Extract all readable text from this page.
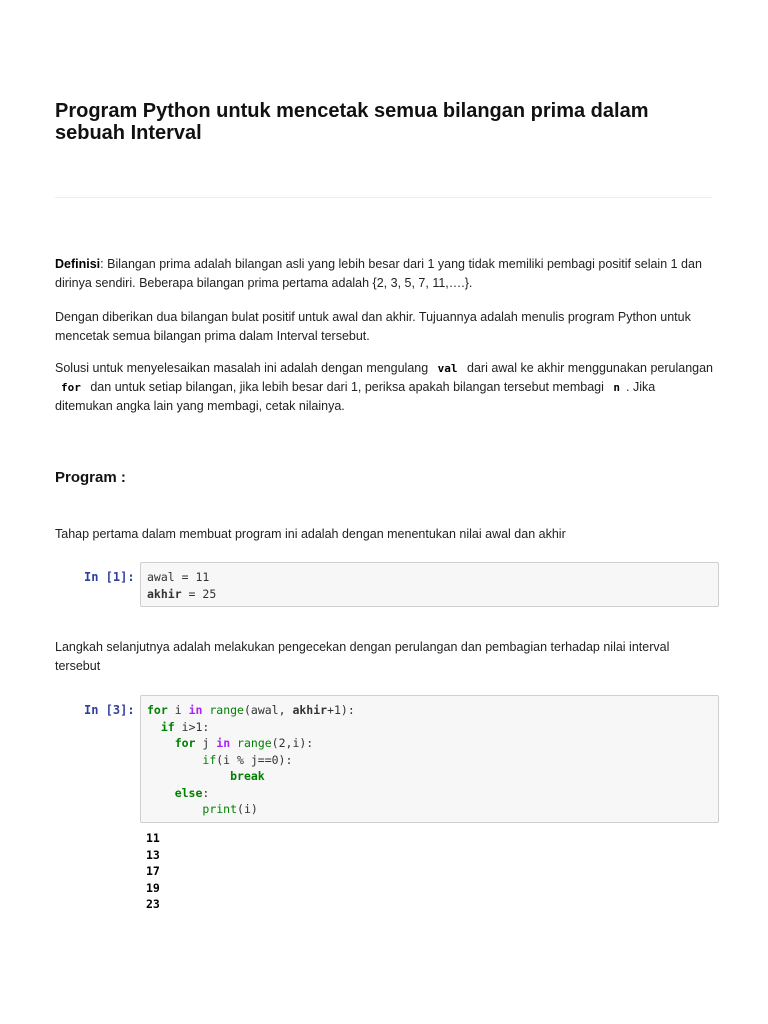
Program Python untuk mencetak semua bilangan prima dalam sebuah Interval

Definisi: Bilangan prima adalah bilangan asli yang lebih besar dari 1 yang tidak memiliki pembagi positif selain 1 dan dirinya sendiri. Beberapa bilangan prima pertama adalah {2, 3, 5, 7, 11,….}.

Dengan diberikan dua bilangan bulat positif untuk awal dan akhir. Tujuannya adalah menulis program Python untuk mencetak semua bilangan prima dalam Interval tersebut.

Solusi untuk menyelesaikan masalah ini adalah dengan mengulang val dari awal ke akhir menggunakan perulangan for dan untuk setiap bilangan, jika lebih besar dari 1, periksa apakah bilangan tersebut membagi n . Jika ditemukan angka lain yang membagi, cetak nilainya.

Program :

Tahap pertama dalam membuat program ini adalah dengan menentukan nilai awal dan akhir

In [1]: awal = 11
akhir = 25

Langkah selanjutnya adalah melakukan pengecekan dengan perulangan dan pembagian terhadap nilai interval tersebut

In [3]: for i in range(awal, akhir+1):
if i>1:
for j in range(2,i):
if(i % j==0):
break
else:
print(i)
11
13
17
19
23
